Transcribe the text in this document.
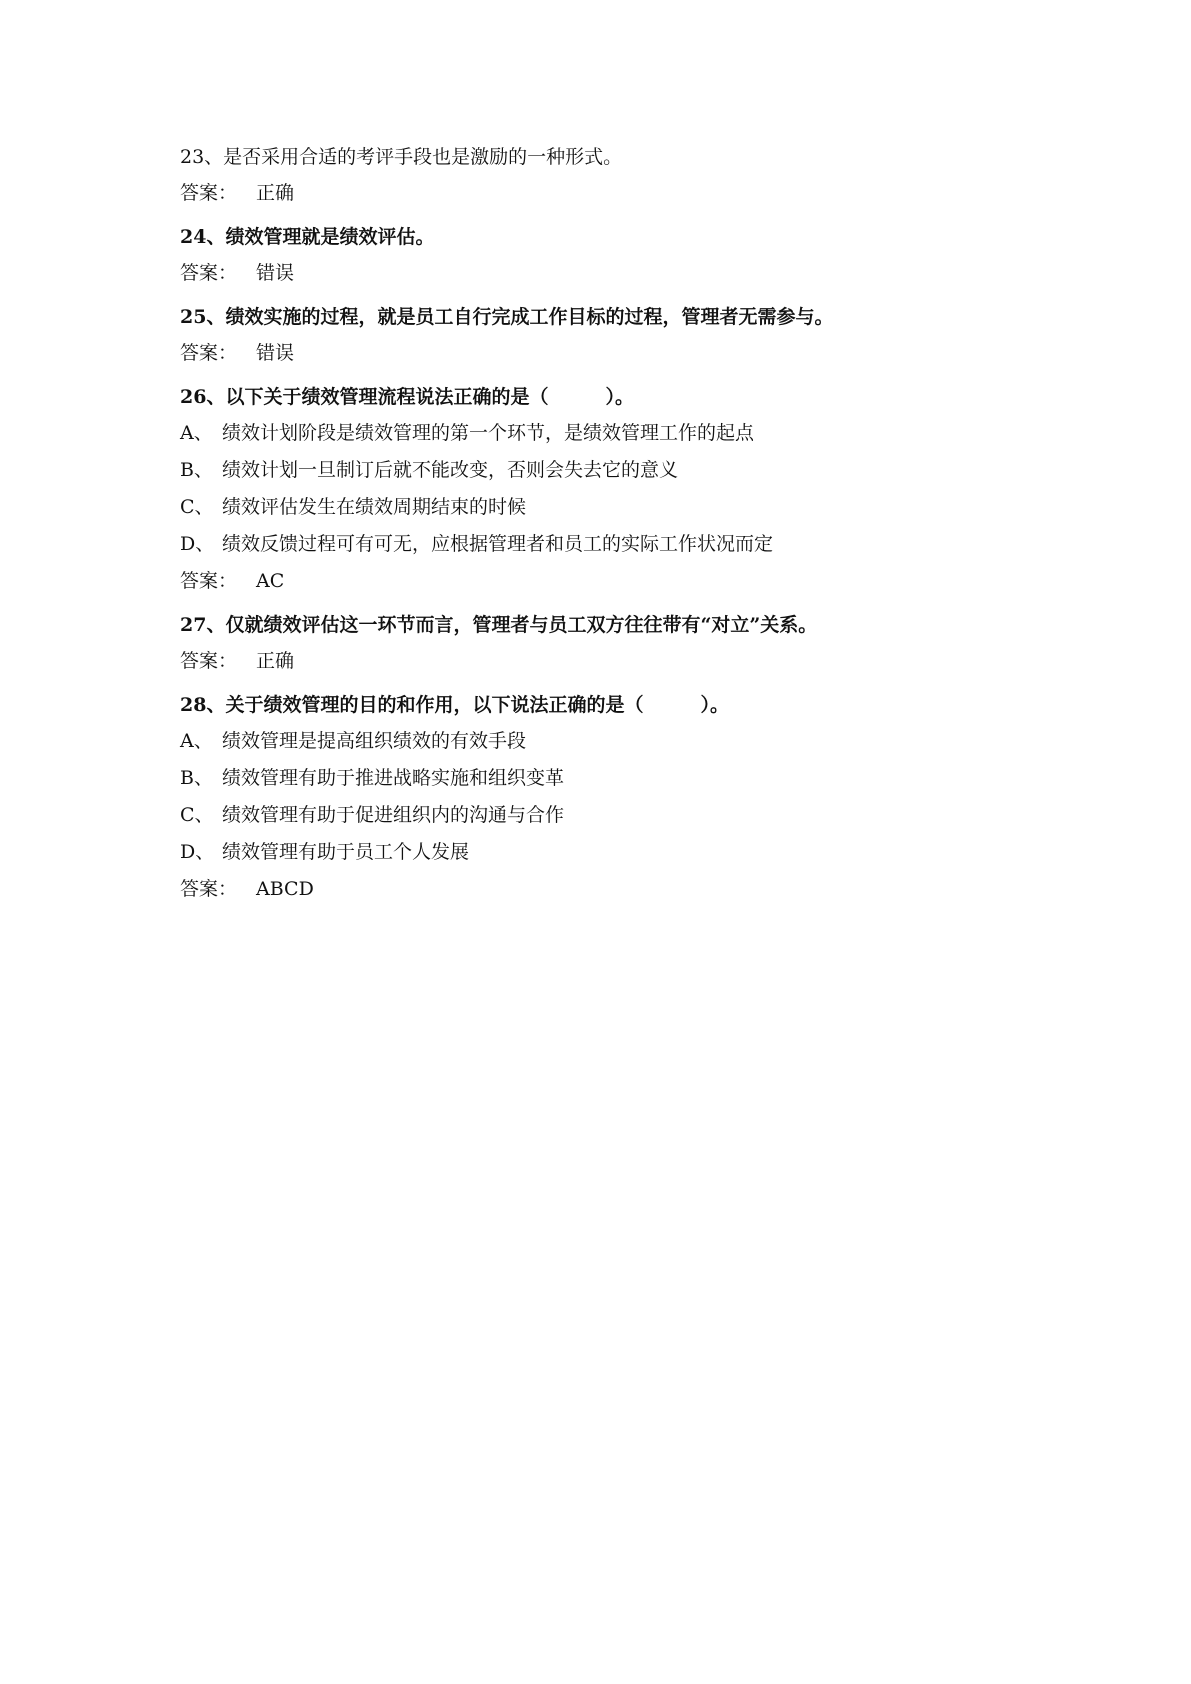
23、是否采用合适的考评手段也是激励的一种形式。
答案： 正确
24、绩效管理就是绩效评估。
答案： 错误
25、绩效实施的过程，就是员工自行完成工作目标的过程，管理者无需参与。
答案： 错误
26、以下关于绩效管理流程说法正确的是（　　　）。
A、 绩效计划阶段是绩效管理的第一个环节，是绩效管理工作的起点
B、 绩效计划一旦制订后就不能改变，否则会失去它的意义
C、 绩效评估发生在绩效周期结束的时候
D、 绩效反馈过程可有可无，应根据管理者和员工的实际工作状况而定
答案： AC
27、仅就绩效评估这一环节而言，管理者与员工双方往往带有“对立”关系。
答案： 正确
28、关于绩效管理的目的和作用，以下说法正确的是（　　　）。
A、 绩效管理是提高组织绩效的有效手段
B、 绩效管理有助于推进战略实施和组织变革
C、 绩效管理有助于促进组织内的沟通与合作
D、 绩效管理有助于员工个人发展
答案： ABCD
